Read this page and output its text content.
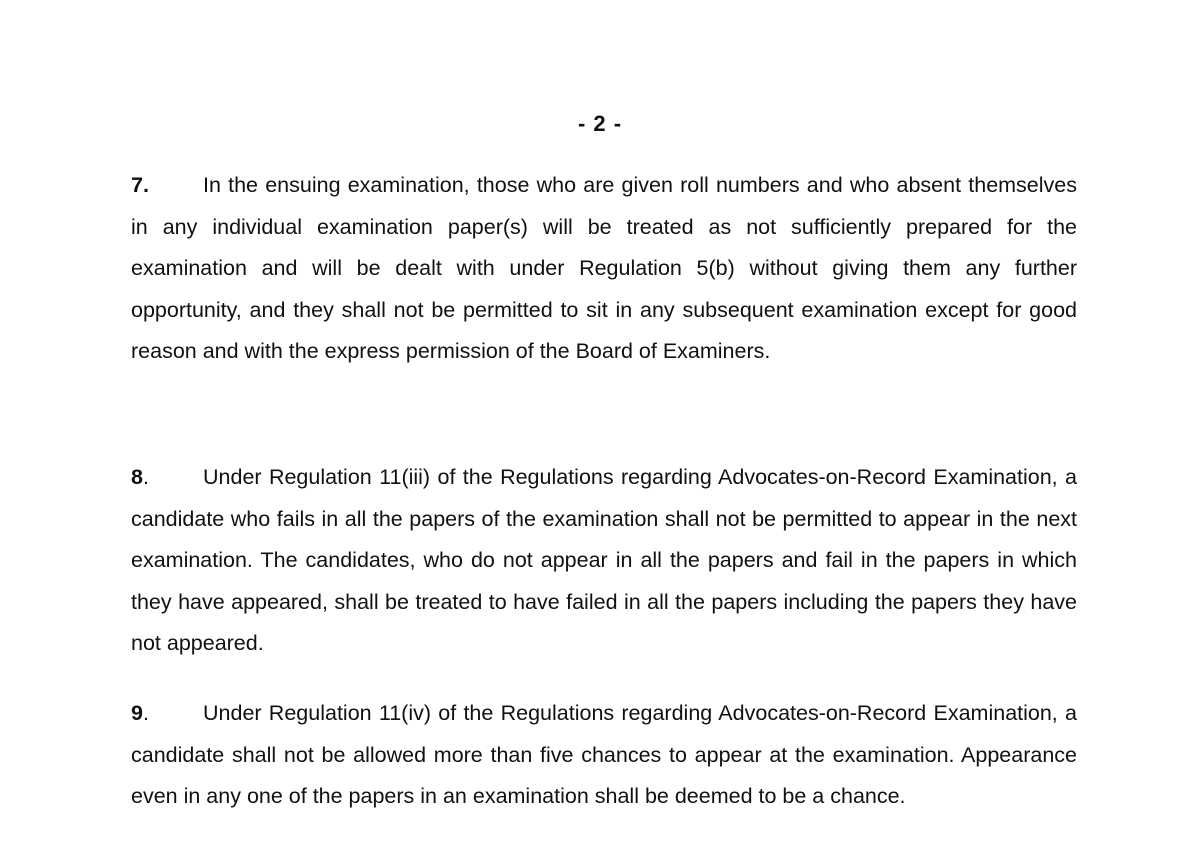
- 2 -

7.	In the ensuing examination, those who are given roll numbers and who absent themselves in any individual examination paper(s) will be treated as not sufficiently prepared for the examination and will be dealt with under Regulation 5(b) without giving them any further opportunity, and they shall not be permitted to sit in any subsequent examination except for good reason and with the express permission of the Board of Examiners.

8.	Under Regulation 11(iii) of the Regulations regarding Advocates-on-Record Examination, a candidate who fails in all the papers of the examination shall not be permitted to appear in the next examination. The candidates, who do not appear in all the papers and fail in the papers in which they have appeared, shall be treated to have failed in all the papers including the papers they have not appeared.

9.	Under Regulation 11(iv) of the Regulations regarding Advocates-on-Record Examination, a candidate shall not be allowed more than five chances to appear at the examination. Appearance even in any one of the papers in an examination shall be deemed to be a chance.
